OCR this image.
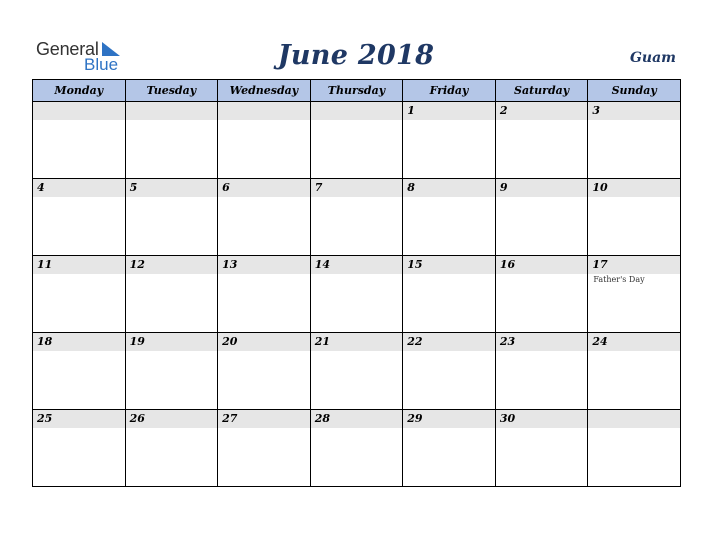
General
Blue	June 2018	Guam
Monday	Tuesday	Wednesday	Thursday	Friday	Saturday	Sunday

				1	2	3

4	5	6	7	8	9	10

11	12	13	14	15	16	17
Father's Day

18	19	20	21	22	23	24

25	26	27	28	29	30	
